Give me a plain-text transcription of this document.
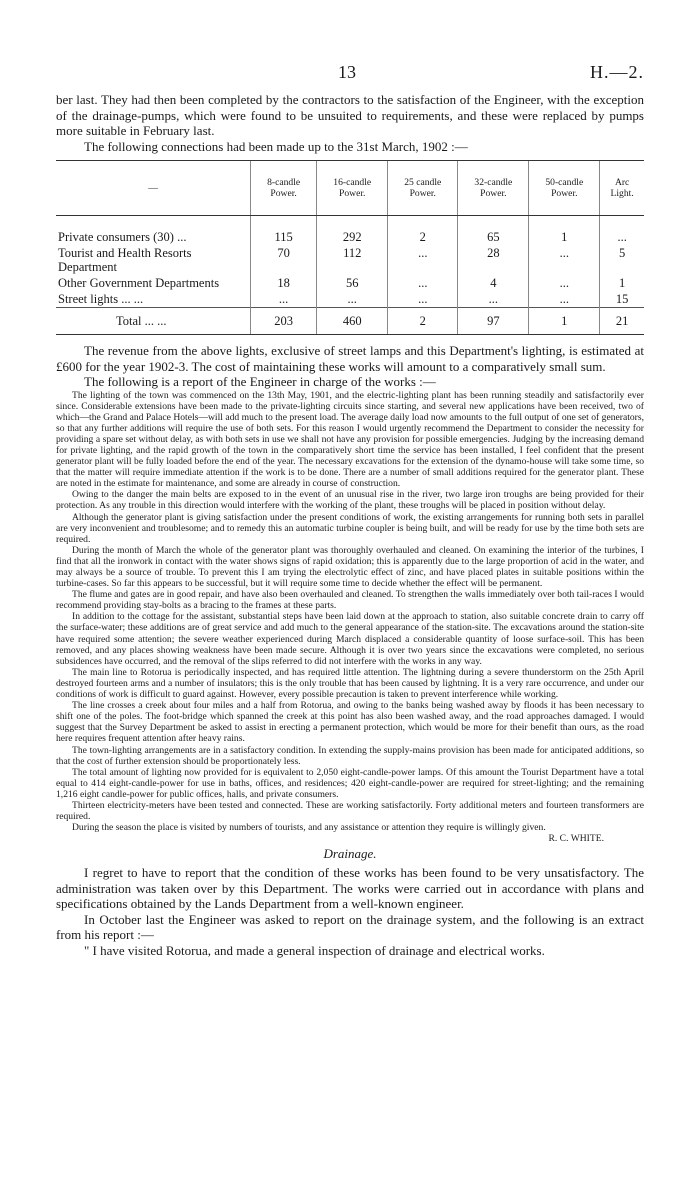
13	H.—2.

ber last. They had then been completed by the contractors to the satisfaction of the Engineer, with the exception of the drainage-pumps, which were found to be unsuited to requirements, and these were replaced by pumps more suitable in February last.

The following connections had been made up to the 31st March, 1902 :—

—	8-candle Power.	16-candle Power.	25 candle Power.	32-candle Power.	50-candle Power.	Arc Light.
Private consumers (30) ...	115	292	2	65	1	...
Tourist and Health Resorts Department	70	112	...	28	...	5
Other Government Departments	18	56	...	4	...	1
Street lights ... ...	...	...	...	...	...	15
Total ... ...	203	460	2	97	1	21

The revenue from the above lights, exclusive of street lamps and this Department's lighting, is estimated at £600 for the year 1902-3. The cost of maintaining these works will amount to a comparatively small sum.

The following is a report of the Engineer in charge of the works :—

The lighting of the town was commenced on the 13th May, 1901, and the electric-lighting plant has been running steadily and satisfactorily ever since. Considerable extensions have been made to the private-lighting circuits since starting, and several new applications have been received, two of which—the Grand and Palace Hotels—will add much to the present load. The average daily load now amounts to the full output of one set of generators, so that any further additions will require the use of both sets. For this reason I would urgently recommend the Department to consider the necessity for providing a spare set without delay, as with both sets in use we shall not have any provision for possible emergencies. Judging by the increasing demand for private lighting, and the rapid growth of the town in the comparatively short time the service has been installed, I feel confident that the present generator plant will be fully loaded before the end of the year. The necessary excavations for the extension of the dynamo-house will take some time, so that the matter will require immediate attention if the work is to be done. There are a number of small additions required for the generator plant. These are noted in the estimate for maintenance, and some are already in course of construction.

Owing to the danger the main belts are exposed to in the event of an unusual rise in the river, two large iron troughs are being provided for their protection. As any trouble in this direction would interfere with the working of the plant, these troughs will be placed in position without delay.

Although the generator plant is giving satisfaction under the present conditions of work, the existing arrangements for running both sets in parallel are very inconvenient and troublesome; and to remedy this an automatic turbine coupler is being built, and will be ready for use by the time both sets are required.

During the month of March the whole of the generator plant was thoroughly overhauled and cleaned. On examining the interior of the turbines, I find that all the ironwork in contact with the water shows signs of rapid oxidation; this is apparently due to the large proportion of acid in the water, and may always be a source of trouble. To prevent this I am trying the electrolytic effect of zinc, and have placed plates in suitable positions within the turbine-cases. So far this appears to be successful, but it will require some time to decide whether the effect will be permanent.

The flume and gates are in good repair, and have also been overhauled and cleaned. To strengthen the walls immediately over both tail-races I would recommend providing stay-bolts as a bracing to the frames at these parts.

In addition to the cottage for the assistant, substantial steps have been laid down at the approach to station, also suitable concrete drain to carry off the surface-water; these additions are of great service and add much to the general appearance of the station-site. The excavations around the station-site have required some attention; the severe weather experienced during March displaced a considerable quantity of loose surface-soil. This has been removed, and any places showing weakness have been made secure. Although it is over two years since the excavations were completed, no serious subsidences have occurred, and the removal of the slips referred to did not interfere with the works in any way.

The main line to Rotorua is periodically inspected, and has required little attention. The lightning during a severe thunderstorm on the 25th April destroyed fourteen arms and a number of insulators; this is the only trouble that has been caused by lightning. It is a very rare occurrence, and under our conditions of work is difficult to guard against. However, every possible precaution is taken to prevent interference while working.

The line crosses a creek about four miles and a half from Rotorua, and owing to the banks being washed away by floods it has been necessary to shift one of the poles. The foot-bridge which spanned the creek at this point has also been washed away, and the road approaches damaged. I would suggest that the Survey Department be asked to assist in erecting a permanent protection, which would be more for their benefit than ours, as the road here requires frequent attention after heavy rains.

The town-lighting arrangements are in a satisfactory condition. In extending the supply-mains provision has been made for anticipated additions, so that the cost of further extension should be proportionately less.

The total amount of lighting now provided for is equivalent to 2,050 eight-candle-power lamps. Of this amount the Tourist Department have a total equal to 414 eight-candle-power for use in baths, offices, and residences; 420 eight-candle-power are required for street-lighting; and the remaining 1,216 eight candle-power for public offices, halls, and private consumers.

Thirteen electricity-meters have been tested and connected. These are working satisfactorily. Forty additional meters and fourteen transformers are required.

During the season the place is visited by numbers of tourists, and any assistance or attention they require is willingly given.

R. C. WHITE.

Drainage.

I regret to have to report that the condition of these works has been found to be very unsatisfactory. The administration was taken over by this Department. The works were carried out in accordance with plans and specifications obtained by the Lands Department from a well-known engineer.

In October last the Engineer was asked to report on the drainage system, and the following is an extract from his report :—

" I have visited Rotorua, and made a general inspection of drainage and electrical works.
